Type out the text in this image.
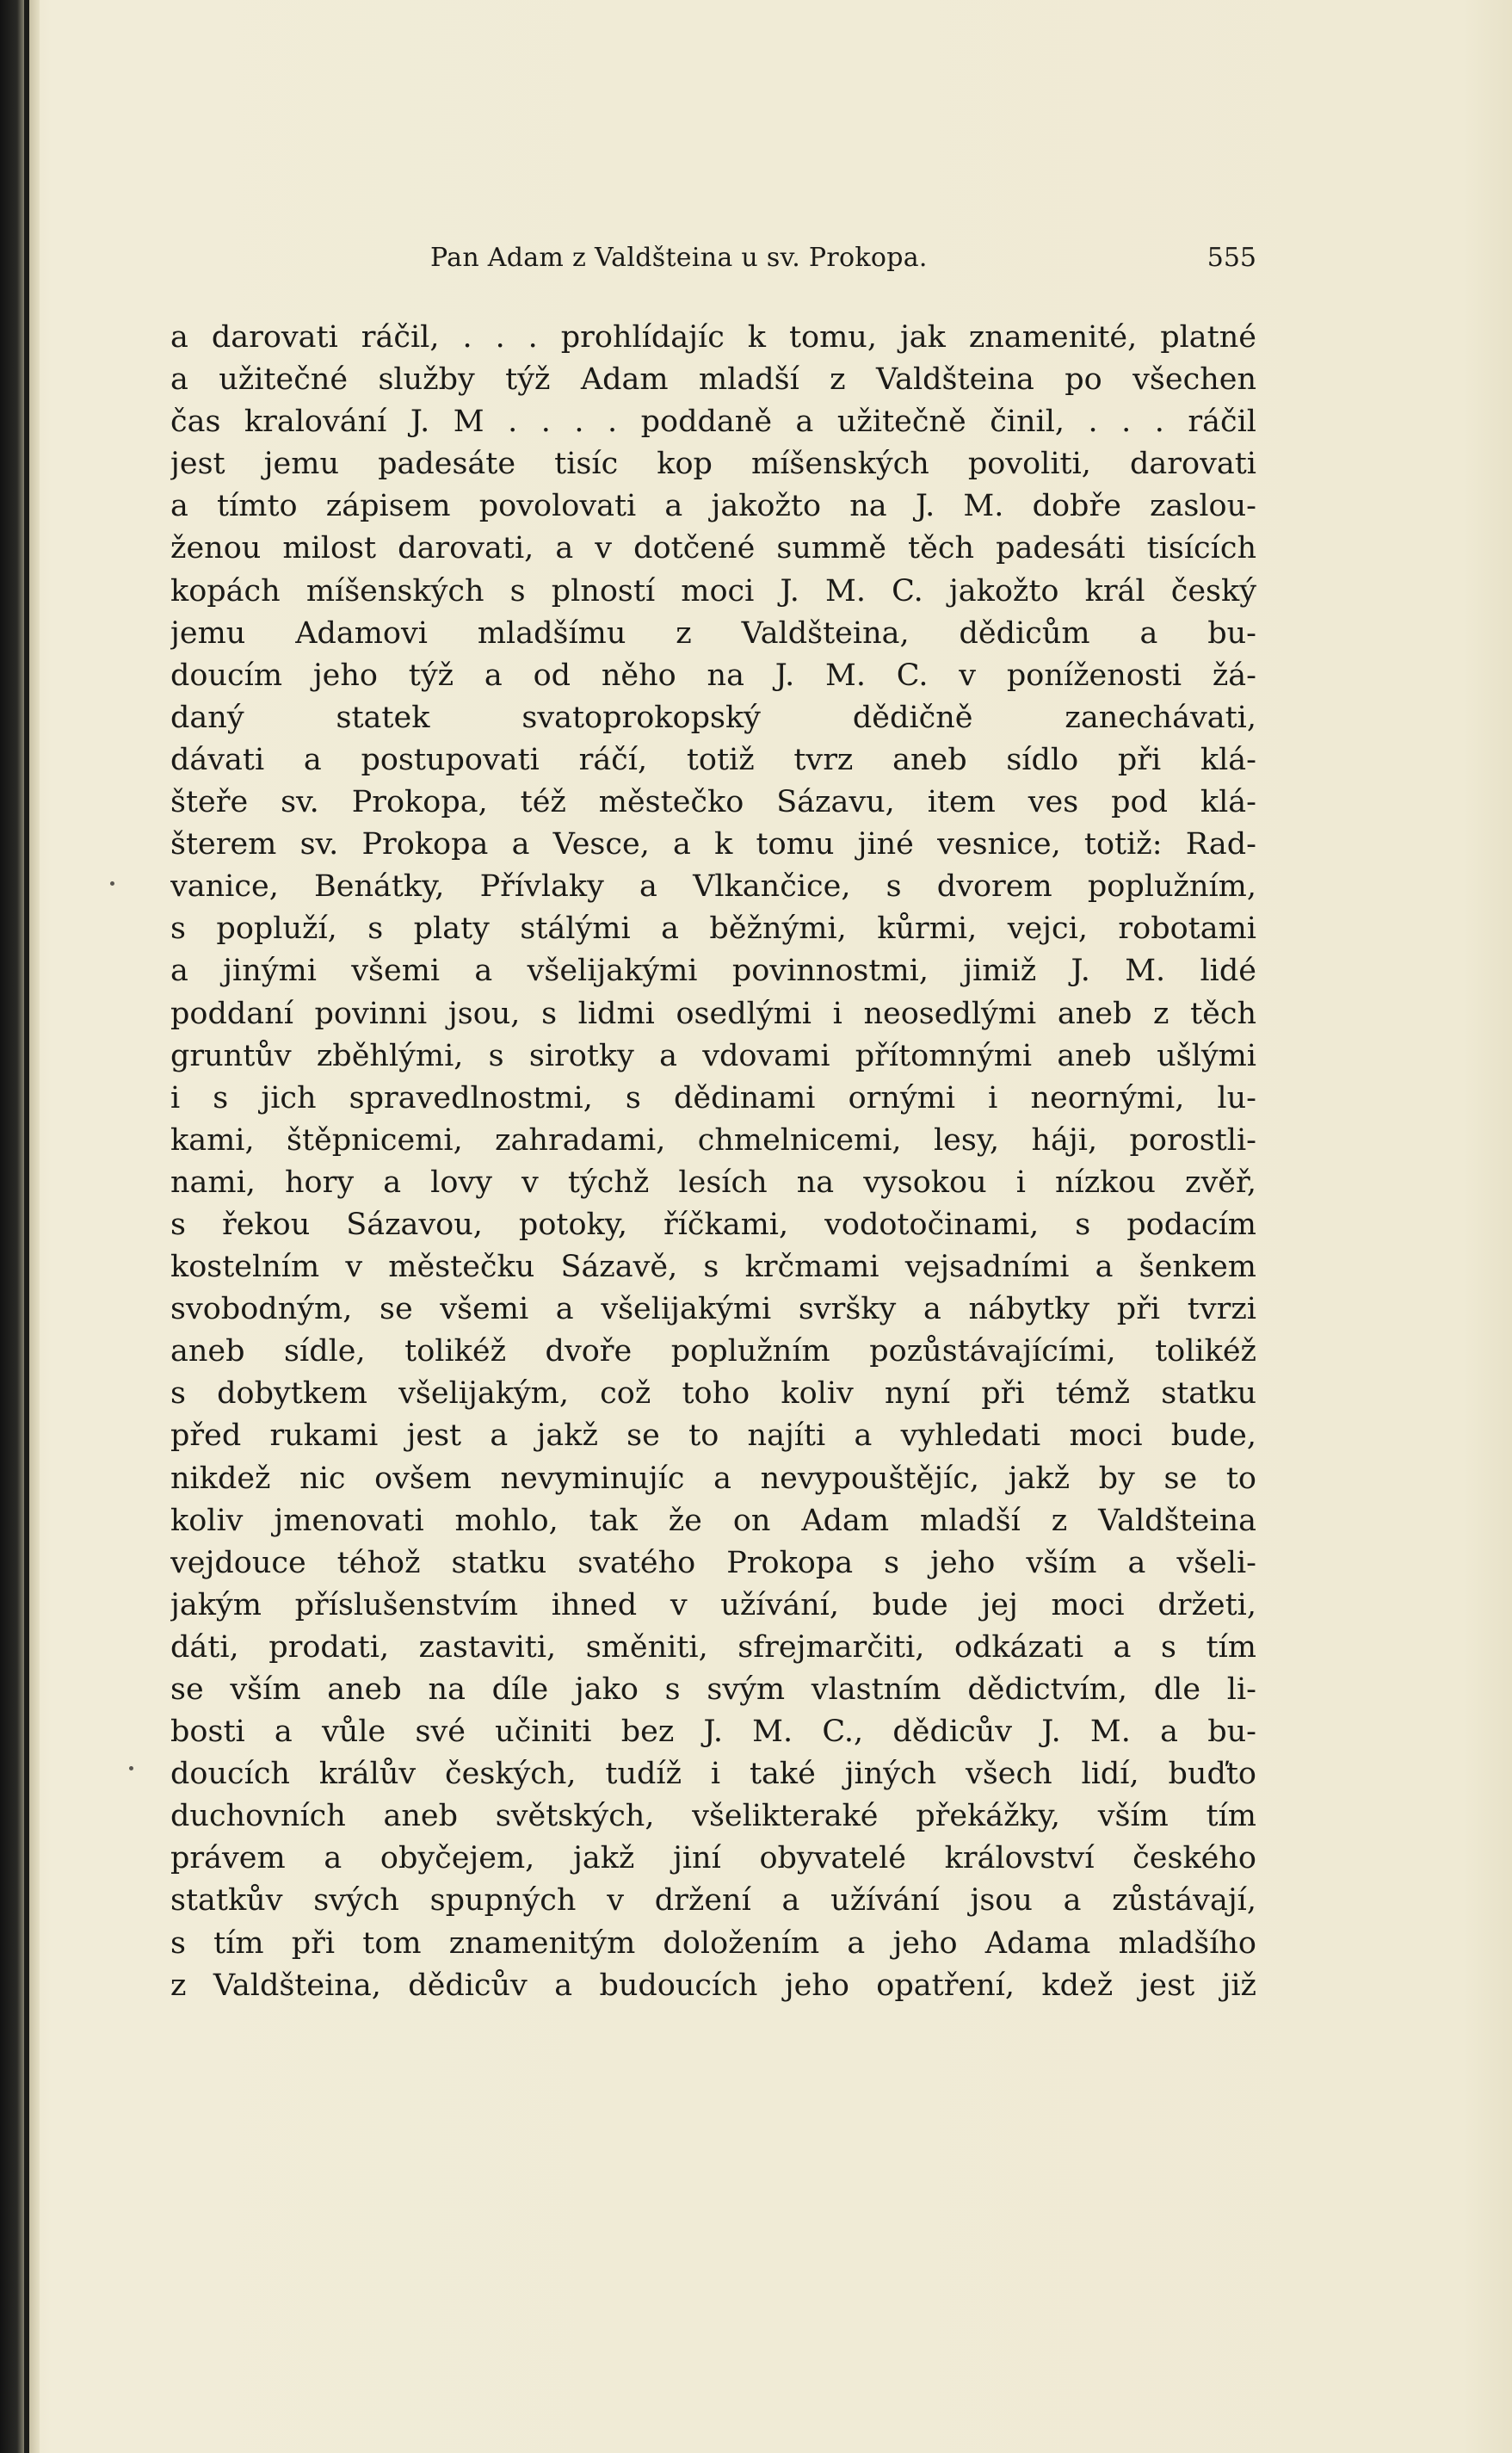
Pan Adam z Valdšteina u sv. Prokopa.	555
a darovati ráčil, . . . prohlídajíc k tomu, jak znamenité, platné
a užitečné služby týž Adam mladší z Valdšteina po všechen
čas kralování J. M . . . . poddaně a užitečně činil, . . . ráčil
jest jemu padesáte tisíc kop míšenských povoliti, darovati
a tímto zápisem povolovati a jakožto na J. M. dobře zaslou-
ženou milost darovati, a v dotčené summě těch padesáti tisících
kopách míšenských s plností moci J. M. C. jakožto král český
jemu Adamovi mladšímu z Valdšteina, dědicům a bu-
doucím jeho týž a od něho na J. M. C. v poníženosti žá-
daný statek svatoprokopský dědičně zanechávati,
dávati a postupovati ráčí, totiž tvrz aneb sídlo při klá-
šteře sv. Prokopa, též městečko Sázavu, item ves pod klá-
šterem sv. Prokopa a Vesce, a k tomu jiné vesnice, totiž: Rad-
vanice, Benátky, Přívlaky a Vlkančice, s dvorem poplužním,
s popluží, s platy stálými a běžnými, kůrmi, vejci, robotami
a jinými všemi a všelijakými povinnostmi, jimiž J. M. lidé
poddaní povinni jsou, s lidmi osedlými i neosedlými aneb z těch
gruntův zběhlými, s sirotky a vdovami přítomnými aneb ušlými
i s jich spravedlnostmi, s dědinami ornými i neornými, lu-
kami, štěpnicemi, zahradami, chmelnicemi, lesy, háji, porostli-
nami, hory a lovy v týchž lesích na vysokou i nízkou zvěř,
s řekou Sázavou, potoky, říčkami, vodotočinami, s podacím
kostelním v městečku Sázavě, s krčmami vejsadními a šenkem
svobodným, se všemi a všelijakými svršky a nábytky při tvrzi
aneb sídle, tolikéž dvoře poplužním pozůstávajícími, tolikéž
s dobytkem všelijakým, což toho koliv nyní při témž statku
před rukami jest a jakž se to najíti a vyhledati moci bude,
nikdež nic ovšem nevyminujíc a nevypouštějíc, jakž by se to
koliv jmenovati mohlo, tak že on Adam mladší z Valdšteina
vejdouce téhož statku svatého Prokopa s jeho vším a všeli-
jakým příslušenstvím ihned v užívání, bude jej moci držeti,
dáti, prodati, zastaviti, směniti, sfrejmarčiti, odkázati a s tím
se vším aneb na díle jako s svým vlastním dědictvím, dle li-
bosti a vůle své učiniti bez J. M. C., dědicův J. M. a bu-
doucích králův českých, tudíž i také jiných všech lidí, buďto
duchovních aneb světských, všelikteraké překážky, vším tím
právem a obyčejem, jakž jiní obyvatelé království českého
statkův svých spupných v držení a užívání jsou a zůstávají,
s tím při tom znamenitým doložením a jeho Adama mladšího
z Valdšteina, dědicův a budoucích jeho opatření, kdež jest již
